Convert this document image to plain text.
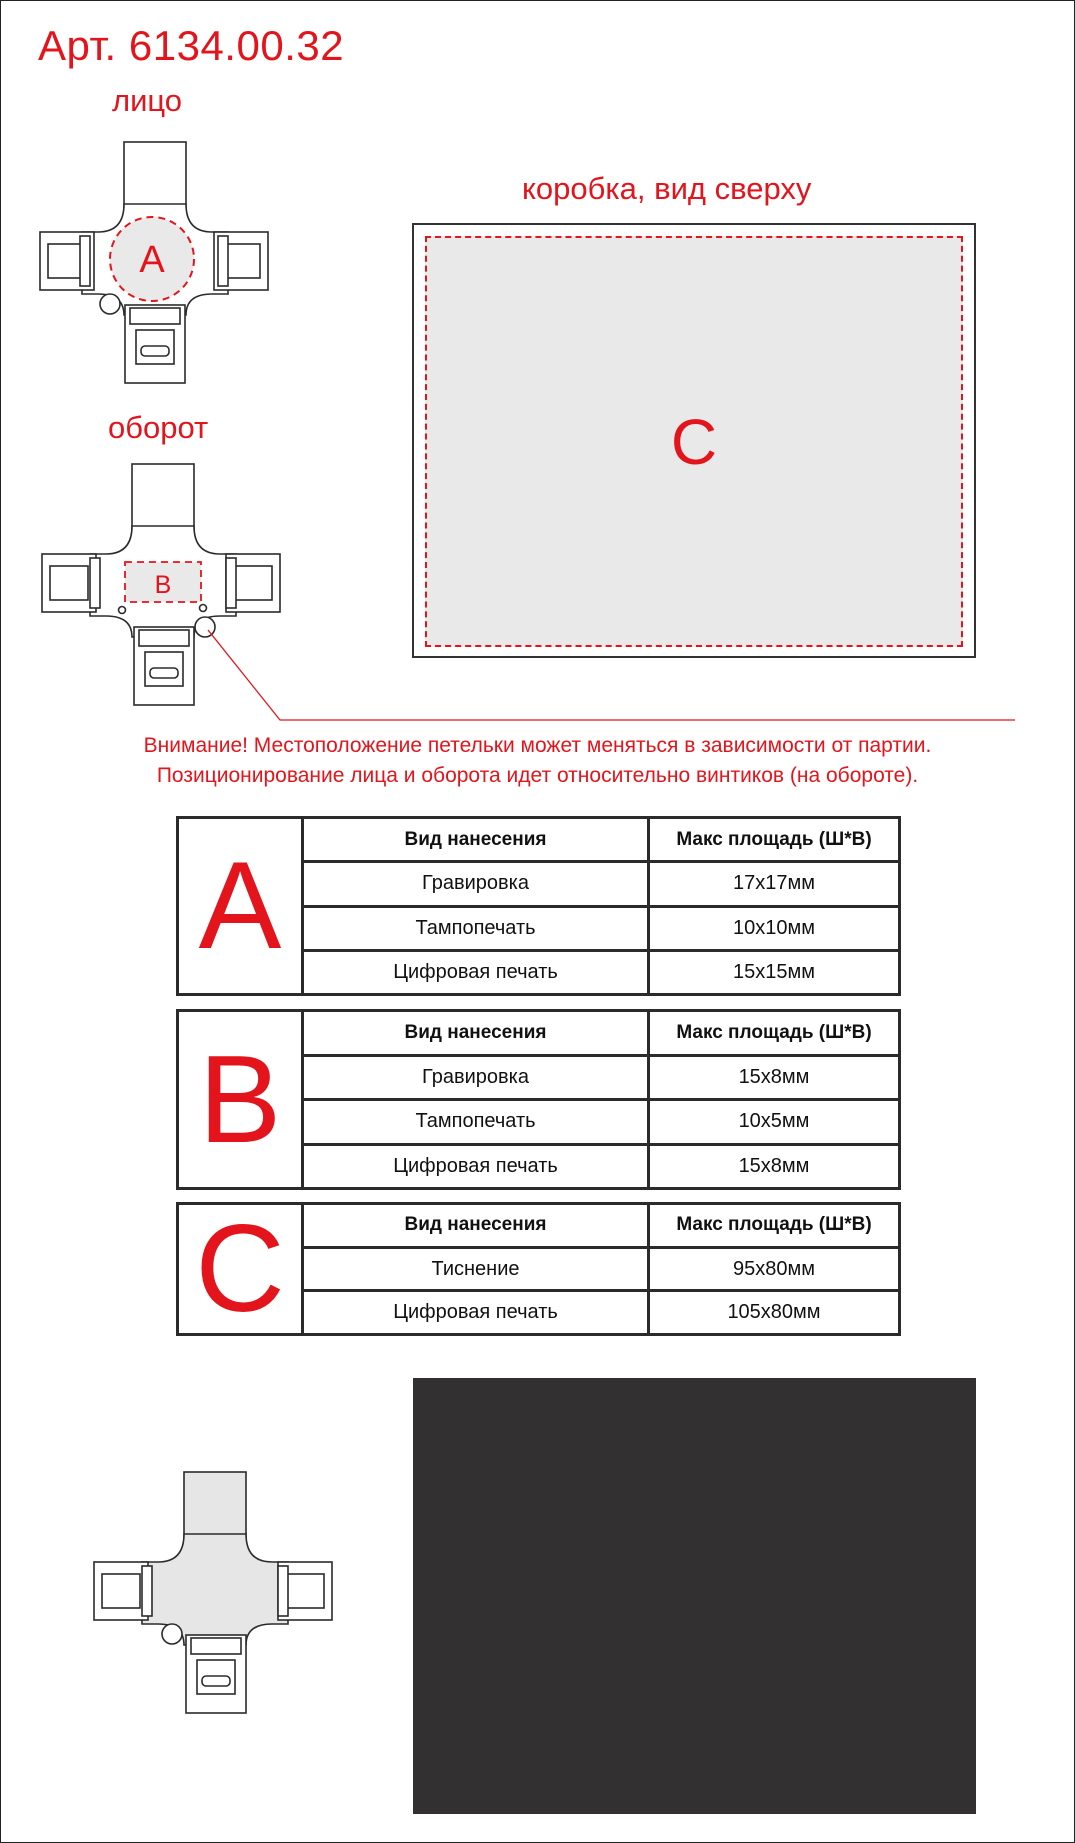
Арт. 6134.00.32
лицо
оборот
коробка, вид сверху
A
B
C
Внимание! Местоположение петельки может меняться в зависимости от партии.
Позиционирование лица и оборота идет относительно винтиков (на обороте).
A	Вид нанесения	Макс площадь (Ш*В)
Гравировка	17x17мм
Тампопечать	10x10мм
Цифровая печать	15x15мм
B	Вид нанесения	Макс площадь (Ш*В)
Гравировка	15x8мм
Тампопечать	10x5мм
Цифровая печать	15x8мм
C	Вид нанесения	Макс площадь (Ш*В)
Тиснение	95x80мм
Цифровая печать	105x80мм
